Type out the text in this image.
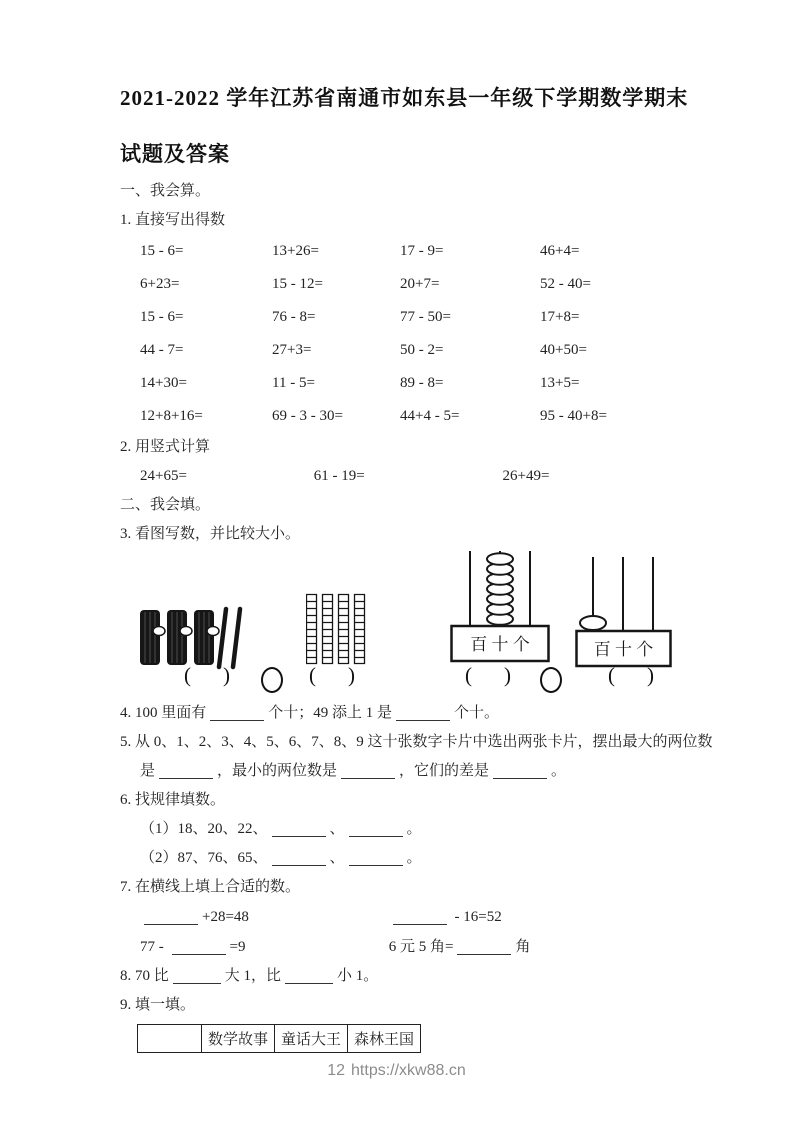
2021-2022 学年江苏省南通市如东县一年级下学期数学期末
试题及答案
一、我会算。
1. 直接写出得数
15 - 6=	13+26=	17 - 9=	46+4=
6+23=	15 - 12=	20+7=	52 - 40=
15 - 6=	76 - 8=	77 - 50=	17+8=
44 - 7=	27+3=	50 - 2=	40+50=
14+30=	11 - 5=	89 - 8=	13+5=
12+8+16=	69 - 3 - 30=	44+4 - 5=	95 - 40+8=
2. 用竖式计算
24+65=	61 - 19=	26+49=
二、我会填。
3. 看图写数，并比较大小。
百 十 个	百 十 个
( )	( )	( )	( )
4. 100 里面有	个十；49 添上 1 是	个十。
5. 从 0、1、2、3、4、5、6、7、8、9 这十张数字卡片中选出两张卡片，摆出最大的两位数
是	，最小的两位数是	，它们的差是	。
6. 找规律填数。
（1）18、20、22、	、	。
（2）87、76、65、	、	。
7. 在横线上填上合适的数。
+28=48	- 16=52
77 -	=9	6 元 5 角=	角
8. 70 比	大 1，比	小 1。
9. 填一填。
	数学故事	童话大王	森林王国
12 https://xkw88.cn
